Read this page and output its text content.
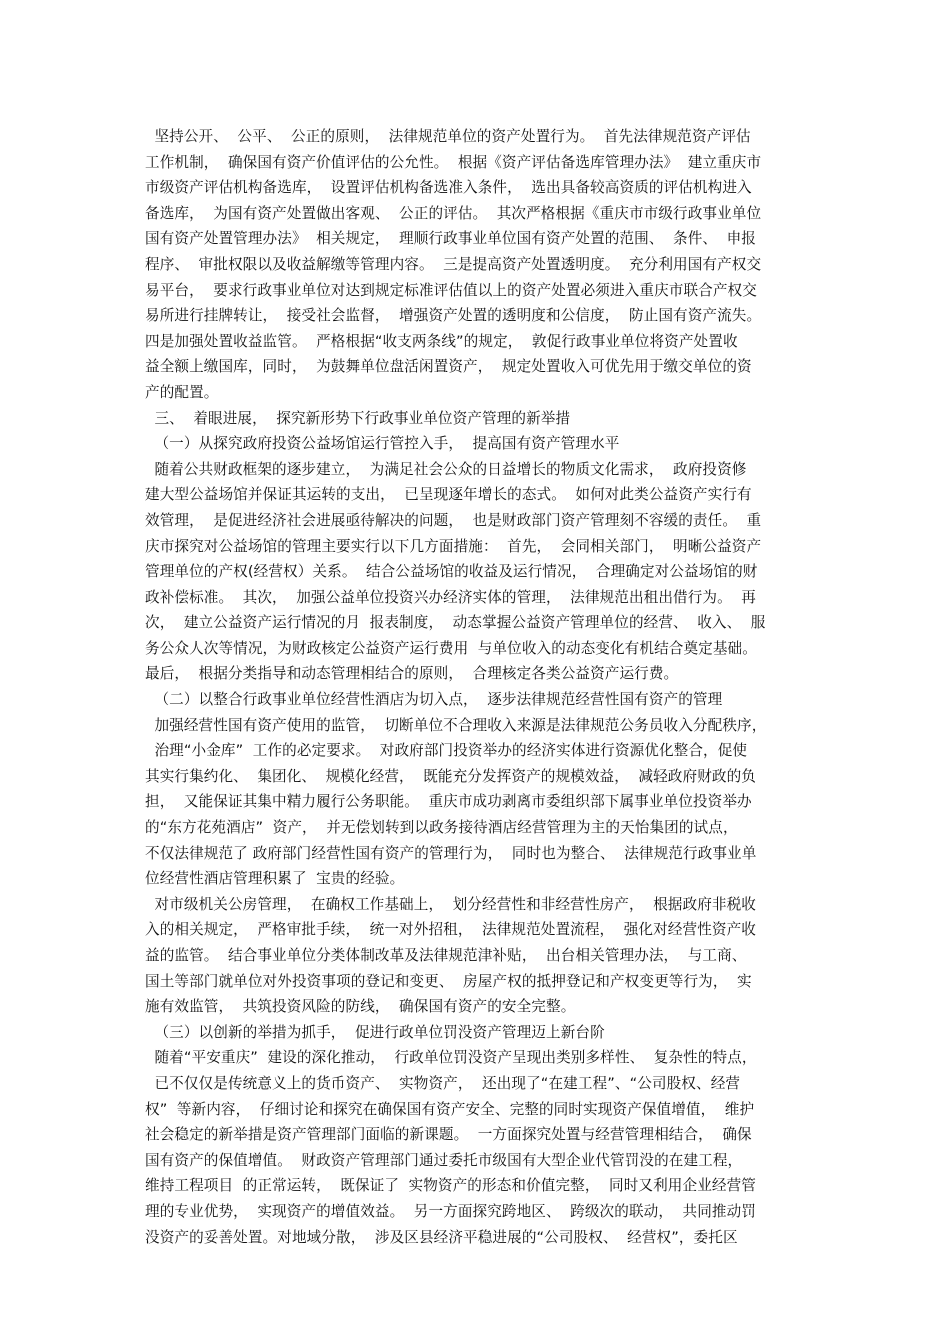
坚持公开、  公平、  公正的原则，  法律规范单位的资产处置行为。  首先法律规范资产评估
工作机制，  确保国有资产价值评估的公允性。  根据《资产评估备选库管理办法》  建立重庆市
市级资产评估机构备选库，  设置评估机构备选准入条件，  选出具备较高资质的评估机构进入
备选库，  为国有资产处置做出客观、  公正的评估。  其次严格根据《重庆市市级行政事业单位
国有资产处置管理办法》  相关规定，  理顺行政事业单位国有资产处置的范围、  条件、  申报
程序、  审批权限以及收益解缴等管理内容。  三是提高资产处置透明度。  充分利用国有产权交
易平台，  要求行政事业单位对达到规定标准评估值以上的资产处置必须进入重庆市联合产权交
易所进行挂牌转让，  接受社会监督，  增强资产处置的透明度和公信度，  防止国有资产流失。
四是加强处置收益监管。  严格根据“收支两条线”的规定，  敦促行政事业单位将资产处置收
益全额上缴国库，同时，  为鼓舞单位盘活闲置资产，  规定处置收入可优先用于缴交单位的资
产的配置。
三、  着眼进展，  探究新形势下行政事业单位资产管理的新举措
（一）从探究政府投资公益场馆运行管控入手，  提高国有资产管理水平
随着公共财政框架的逐步建立，  为满足社会公众的日益增长的物质文化需求，  政府投资修
建大型公益场馆并保证其运转的支出，  已呈现逐年增长的态式。  如何对此类公益资产实行有
效管理，  是促进经济社会进展亟待解决的问题，  也是财政部门资产管理刻不容缓的责任。  重
庆市探究对公益场馆的管理主要实行以下几方面措施：  首先，  会同相关部门，  明晰公益资产
管理单位的产权(经营权）关系。  结合公益场馆的收益及运行情况，  合理确定对公益场馆的财
政补偿标准。  其次，  加强公益单位投资兴办经济实体的管理，  法律规范出租出借行为。  再
次，  建立公益资产运行情况的月  报表制度，  动态掌握公益资产管理单位的经营、  收入、  服
务公众人次等情况，为财政核定公益资产运行费用  与单位收入的动态变化有机结合奠定基础。
最后，  根据分类指导和动态管理相结合的原则，  合理核定各类公益资产运行费。
（二）以整合行政事业单位经营性酒店为切入点，  逐步法律规范经营性国有资产的管理
加强经营性国有资产使用的监管，  切断单位不合理收入来源是法律规范公务员收入分配秩序，
治理“小金库”  工作的必定要求。  对政府部门投资举办的经济实体进行资源优化整合，促使
其实行集约化、  集团化、  规模化经营，  既能充分发挥资产的规模效益，  减轻政府财政的负
担，  又能保证其集中精力履行公务职能。  重庆市成功剥离市委组织部下属事业单位投资举办
的“东方花苑酒店”  资产，  并无偿划转到以政务接待酒店经营管理为主的天怡集团的试点，
不仅法律规范了 政府部门经营性国有资产的管理行为，  同时也为整合、  法律规范行政事业单
位经营性酒店管理积累了  宝贵的经验。
对市级机关公房管理，  在确权工作基础上，  划分经营性和非经营性房产，  根据政府非税收
入的相关规定，  严格审批手续，  统一对外招租，  法律规范处置流程，  强化对经营性资产收
益的监管。  结合事业单位分类体制改革及法律规范津补贴，  出台相关管理办法，  与工商、
国土等部门就单位对外投资事项的登记和变更、  房屋产权的抵押登记和产权变更等行为，  实
施有效监管，  共筑投资风险的防线，  确保国有资产的安全完整。
（三）以创新的举措为抓手，  促进行政单位罚没资产管理迈上新台阶
随着“平安重庆”  建设的深化推动，  行政单位罚没资产呈现出类别多样性、  复杂性的特点，
已不仅仅是传统意义上的货币资产、  实物资产，  还出现了“在建工程”、“公司股权、经营
权”  等新内容，  仔细讨论和探究在确保国有资产安全、完整的同时实现资产保值增值，  维护
社会稳定的新举措是资产管理部门面临的新课题。  一方面探究处置与经营管理相结合，  确保
国有资产的保值增值。  财政资产管理部门通过委托市级国有大型企业代管罚没的在建工程，
维持工程项目  的正常运转，  既保证了  实物资产的形态和价值完整，  同时又利用企业经营管
理的专业优势，  实现资产的增值效益。  另一方面探究跨地区、  跨级次的联动，  共同推动罚
没资产的妥善处置。对地域分散，  涉及区县经济平稳进展的“公司股权、  经营权”，委托区
